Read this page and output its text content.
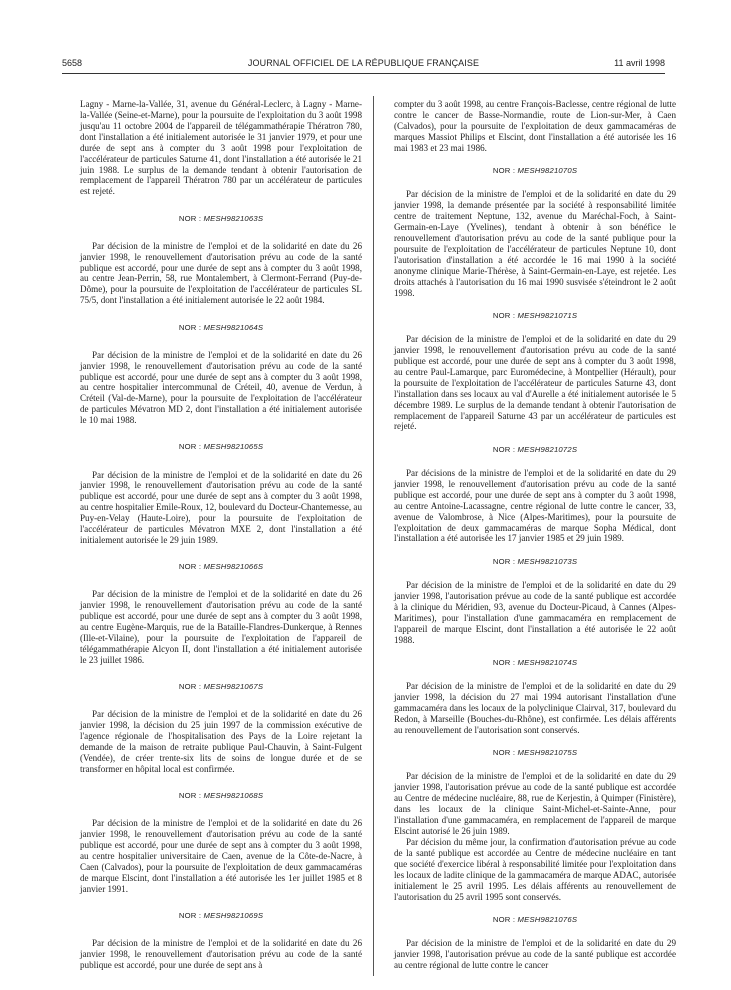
5658	JOURNAL OFFICIEL DE LA RÉPUBLIQUE FRANÇAISE	11 avril 1998

Lagny - Marne-la-Vallée, 31, avenue du Général-Leclerc, à Lagny - Marne-la-Vallée (Seine-et-Marne), pour la poursuite de l'exploitation du 3 août 1998 jusqu'au 11 octobre 2004 de l'appareil de télégammathérapie Thératron 780, dont l'installation a été initialement autorisée le 31 janvier 1979, et pour une durée de sept ans à compter du 3 août 1998 pour l'exploitation de l'accélérateur de particules Saturne 41, dont l'installation a été autorisée le 21 juin 1988. Le surplus de la demande tendant à obtenir l'autorisation de remplacement de l'appareil Thératron 780 par un accélérateur de particules est rejeté.

NOR : MESH9821063S

Par décision de la ministre de l'emploi et de la solidarité en date du 26 janvier 1998, le renouvellement d'autorisation prévu au code de la santé publique est accordé, pour une durée de sept ans à compter du 3 août 1998, au centre Jean-Perrin, 58, rue Montalembert, à Clermont-Ferrand (Puy-de-Dôme), pour la poursuite de l'exploitation de l'accélérateur de particules SL 75/5, dont l'installation a été initialement autorisée le 22 août 1984.

NOR : MESH9821064S

Par décision de la ministre de l'emploi et de la solidarité en date du 26 janvier 1998, le renouvellement d'autorisation prévu au code de la santé publique est accordé, pour une durée de sept ans à compter du 3 août 1998, au centre hospitalier intercommunal de Créteil, 40, avenue de Verdun, à Créteil (Val-de-Marne), pour la poursuite de l'exploitation de l'accélérateur de particules Mévatron MD 2, dont l'installation a été initialement autorisée le 10 mai 1988.

NOR : MESH9821065S

Par décision de la ministre de l'emploi et de la solidarité en date du 26 janvier 1998, le renouvellement d'autorisation prévu au code de la santé publique est accordé, pour une durée de sept ans à compter du 3 août 1998, au centre hospitalier Emile-Roux, 12, boulevard du Docteur-Chantemesse, au Puy-en-Velay (Haute-Loire), pour la poursuite de l'exploitation de l'accélérateur de particules Mévatron MXE 2, dont l'installation a été initialement autorisée le 29 juin 1989.

NOR : MESH9821066S

Par décision de la ministre de l'emploi et de la solidarité en date du 26 janvier 1998, le renouvellement d'autorisation prévu au code de la santé publique est accordé, pour une durée de sept ans à compter du 3 août 1998, au centre Eugène-Marquis, rue de la Bataille-Flandres-Dunkerque, à Rennes (Ille-et-Vilaine), pour la poursuite de l'exploitation de l'appareil de télégammathérapie Alcyon II, dont l'installation a été initialement autorisée le 23 juillet 1986.

NOR : MESH9821067S

Par décision de la ministre de l'emploi et de la solidarité en date du 26 janvier 1998, la décision du 25 juin 1997 de la commission exécutive de l'agence régionale de l'hospitalisation des Pays de la Loire rejetant la demande de la maison de retraite publique Paul-Chauvin, à Saint-Fulgent (Vendée), de créer trente-six lits de soins de longue durée et de se transformer en hôpital local est confirmée.

NOR : MESH9821068S

Par décision de la ministre de l'emploi et de la solidarité en date du 26 janvier 1998, le renouvellement d'autorisation prévu au code de la santé publique est accordé, pour une durée de sept ans à compter du 3 août 1998, au centre hospitalier universitaire de Caen, avenue de la Côte-de-Nacre, à Caen (Calvados), pour la poursuite de l'exploitation de deux gammacaméras de marque Elscint, dont l'installation a été autorisée les 1er juillet 1985 et 8 janvier 1991.

NOR : MESH9821069S

Par décision de la ministre de l'emploi et de la solidarité en date du 26 janvier 1998, le renouvellement d'autorisation prévu au code de la santé publique est accordé, pour une durée de sept ans à

compter du 3 août 1998, au centre François-Baclesse, centre régional de lutte contre le cancer de Basse-Normandie, route de Lion-sur-Mer, à Caen (Calvados), pour la poursuite de l'exploitation de deux gammacaméras de marques Massiot Philips et Elscint, dont l'installation a été autorisée les 16 mai 1983 et 23 mai 1986.

NOR : MESH9821070S

Par décision de la ministre de l'emploi et de la solidarité en date du 29 janvier 1998, la demande présentée par la société à responsabilité limitée centre de traitement Neptune, 132, avenue du Maréchal-Foch, à Saint-Germain-en-Laye (Yvelines), tendant à obtenir à son bénéfice le renouvellement d'autorisation prévu au code de la santé publique pour la poursuite de l'exploitation de l'accélérateur de particules Neptune 10, dont l'autorisation d'installation a été accordée le 16 mai 1990 à la société anonyme clinique Marie-Thérèse, à Saint-Germain-en-Laye, est rejetée. Les droits attachés à l'autorisation du 16 mai 1990 susvisée s'éteindront le 2 août 1998.

NOR : MESH9821071S

Par décision de la ministre de l'emploi et de la solidarité en date du 29 janvier 1998, le renouvellement d'autorisation prévu au code de la santé publique est accordé, pour une durée de sept ans à compter du 3 août 1998, au centre Paul-Lamarque, parc Euromédecine, à Montpellier (Hérault), pour la poursuite de l'exploitation de l'accélérateur de particules Saturne 43, dont l'installation dans ses locaux au val d'Aurelle a été initialement autorisée le 5 décembre 1989. Le surplus de la demande tendant à obtenir l'autorisation de remplacement de l'appareil Saturne 43 par un accélérateur de particules est rejeté.

NOR : MESH9821072S

Par décisions de la ministre de l'emploi et de la solidarité en date du 29 janvier 1998, le renouvellement d'autorisation prévu au code de la santé publique est accordé, pour une durée de sept ans à compter du 3 août 1998, au centre Antoine-Lacassagne, centre régional de lutte contre le cancer, 33, avenue de Valombrose, à Nice (Alpes-Maritimes), pour la poursuite de l'exploitation de deux gammacaméras de marque Sopha Médical, dont l'installation a été autorisée les 17 janvier 1985 et 29 juin 1989.

NOR : MESH9821073S

Par décision de la ministre de l'emploi et de la solidarité en date du 29 janvier 1998, l'autorisation prévue au code de la santé publique est accordée à la clinique du Méridien, 93, avenue du Docteur-Picaud, à Cannes (Alpes-Maritimes), pour l'installation d'une gammacaméra en remplacement de l'appareil de marque Elscint, dont l'installation a été autorisée le 22 août 1988.

NOR : MESH9821074S

Par décision de la ministre de l'emploi et de la solidarité en date du 29 janvier 1998, la décision du 27 mai 1994 autorisant l'installation d'une gammacaméra dans les locaux de la polyclinique Clairval, 317, boulevard du Redon, à Marseille (Bouches-du-Rhône), est confirmée. Les délais afférents au renouvellement de l'autorisation sont conservés.

NOR : MESH9821075S

Par décision de la ministre de l'emploi et de la solidarité en date du 29 janvier 1998, l'autorisation prévue au code de la santé publique est accordée au Centre de médecine nucléaire, 88, rue de Kerjestin, à Quimper (Finistère), dans les locaux de la clinique Saint-Michel-et-Sainte-Anne, pour l'installation d'une gammacaméra, en remplacement de l'appareil de marque Elscint autorisé le 26 juin 1989.

Par décision du même jour, la confirmation d'autorisation prévue au code de la santé publique est accordée au Centre de médecine nucléaire en tant que société d'exercice libéral à responsabilité limitée pour l'exploitation dans les locaux de ladite clinique de la gammacaméra de marque ADAC, autorisée initialement le 25 avril 1995. Les délais afférents au renouvellement de l'autorisation du 25 avril 1995 sont conservés.

NOR : MESH9821076S

Par décision de la ministre de l'emploi et de la solidarité en date du 29 janvier 1998, l'autorisation prévue au code de la santé publique est accordée au centre régional de lutte contre le cancer
